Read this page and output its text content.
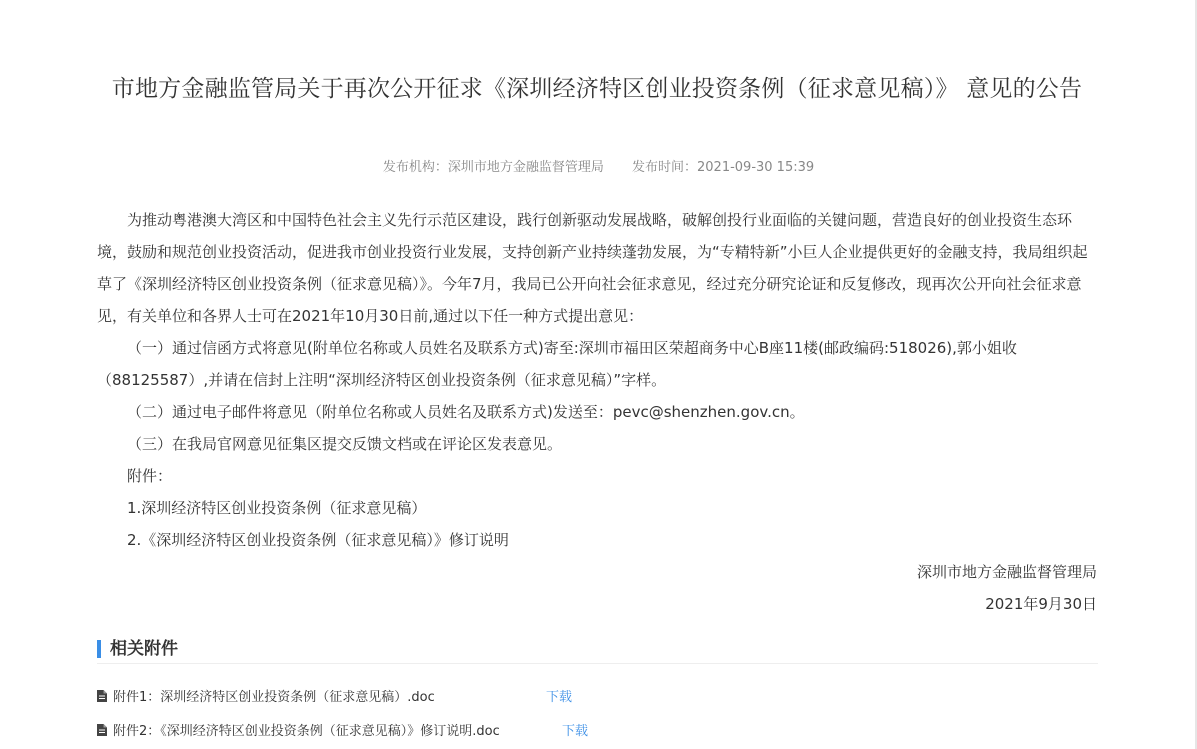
市地方金融监管局关于再次公开征求《深圳经济特区创业投资条例（征求意见稿）》 意见的公告
发布机构：深圳市地方金融监督管理局 发布时间：2021-09-30 15:39

为推动粤港澳大湾区和中国特色社会主义先行示范区建设，践行创新驱动发展战略，破解创投行业面临的关键问题，营造良好的创业投资生态环境，鼓励和规范创业投资活动，促进我市创业投资行业发展，支持创新产业持续蓬勃发展，为“专精特新”小巨人企业提供更好的金融支持，我局组织起草了《深圳经济特区创业投资条例（征求意见稿）》。今年7月，我局已公开向社会征求意见，经过充分研究论证和反复修改，现再次公开向社会征求意见，有关单位和各界人士可在2021年10月30日前,通过以下任一种方式提出意见：

（一）通过信函方式将意见(附单位名称或人员姓名及联系方式)寄至:深圳市福田区荣超商务中心B座11楼(邮政编码:518026),郭小姐收（88125587）,并请在信封上注明“深圳经济特区创业投资条例（征求意见稿）”字样。

（二）通过电子邮件将意见（附单位名称或人员姓名及联系方式)发送至：pevc@shenzhen.gov.cn。

（三）在我局官网意见征集区提交反馈文档或在评论区发表意见。

附件：

1.深圳经济特区创业投资条例（征求意见稿）

2.《深圳经济特区创业投资条例（征求意见稿）》修订说明

深圳市地方金融监督管理局

2021年9月30日

相关附件
附件1：深圳经济特区创业投资条例（征求意见稿）.doc	下载
附件2：《深圳经济特区创业投资条例（征求意见稿）》修订说明.doc	下载
